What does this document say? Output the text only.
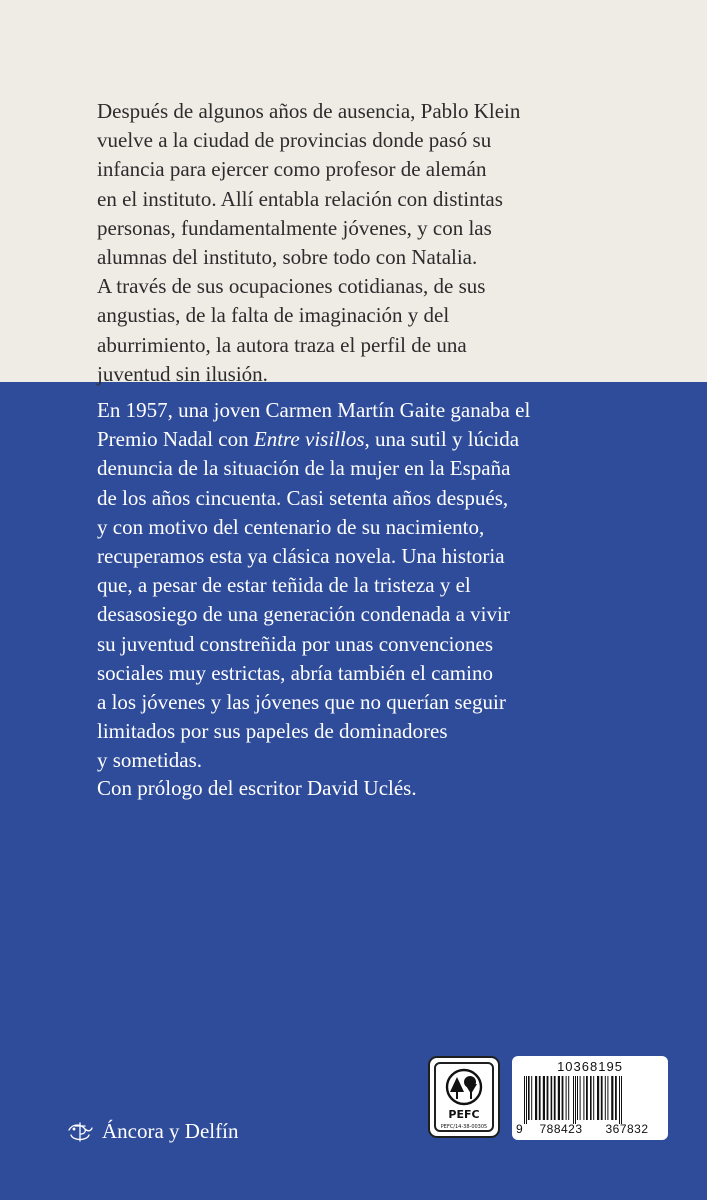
Después de algunos años de ausencia, Pablo Klein
vuelve a la ciudad de provincias donde pasó su
infancia para ejercer como profesor de alemán
en el instituto. Allí entabla relación con distintas
personas, fundamentalmente jóvenes, y con las
alumnas del instituto, sobre todo con Natalia.
A través de sus ocupaciones cotidianas, de sus
angustias, de la falta de imaginación y del
aburrimiento, la autora traza el perfil de una
juventud sin ilusión.

En 1957, una joven Carmen Martín Gaite ganaba el
Premio Nadal con Entre visillos, una sutil y lúcida
denuncia de la situación de la mujer en la España
de los años cincuenta. Casi setenta años después,
y con motivo del centenario de su nacimiento,
recuperamos esta ya clásica novela. Una historia
que, a pesar de estar teñida de la tristeza y el
desasosiego de una generación condenada a vivir
su juventud constreñida por unas convenciones
sociales muy estrictas, abría también el camino
a los jóvenes y las jóvenes que no querían seguir
limitados por sus papeles de dominadores
y sometidas.

Con prólogo del escritor David Uclés.

Áncora y Delfín
PEFC
PEFC/14-38-00305
10368195
9	788423	367832
